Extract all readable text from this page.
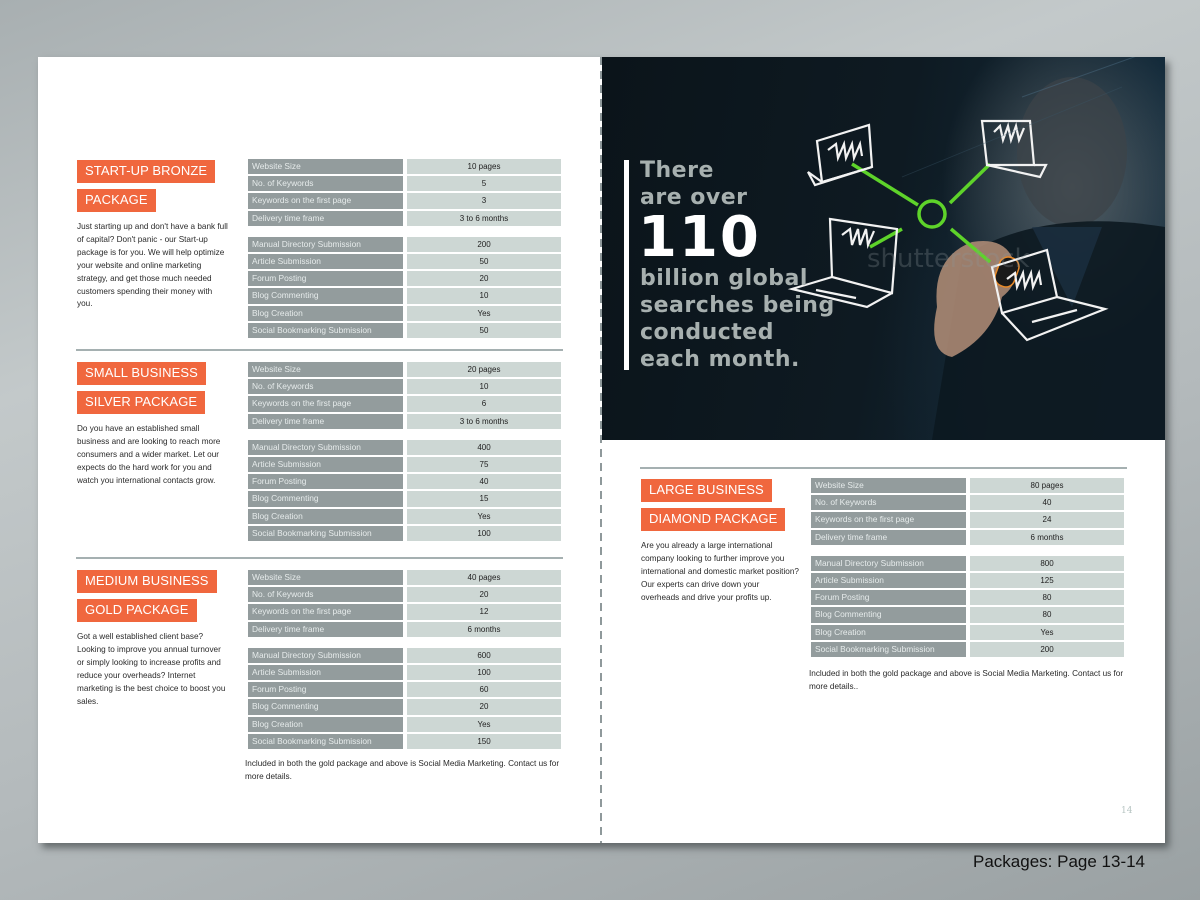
START-UP BRONZE
PACKAGE
Just starting up and don't have a bank full of capital? Don't panic - our Start-up package is for you. We will help optimize your website and online marketing strategy, and get those much needed customers spending their money with you.
Website Size	10 pages
No. of Keywords	5
Keywords on the first page	3
Delivery time frame	3 to 6 months
Manual Directory Submission	200
Article Submission	50
Forum Posting	20
Blog Commenting	10
Blog Creation	Yes
Social Bookmarking Submission	50
SMALL BUSINESS
SILVER PACKAGE
Do you have an established small business and are looking to reach more consumers and a wider market. Let our expects do the hard work for you and watch you international contacts grow.
Website Size	20 pages
No. of Keywords	10
Keywords on the first page	6
Delivery time frame	3 to 6 months
Manual Directory Submission	400
Article Submission	75
Forum Posting	40
Blog Commenting	15
Blog Creation	Yes
Social Bookmarking Submission	100
MEDIUM BUSINESS
GOLD PACKAGE
Got a well established client base? Looking to improve you annual turnover or simply looking to increase profits and reduce your overheads? Internet marketing is the best choice to boost you sales.
Website Size	40 pages
No. of Keywords	20
Keywords on the first page	12
Delivery time frame	6 months
Manual Directory Submission	600
Article Submission	100
Forum Posting	60
Blog Commenting	20
Blog Creation	Yes
Social Bookmarking Submission	150
Included in both the gold package and above is Social Media Marketing. Contact us for more details.
shutterstock
There
are over
110
billion global
searches being
conducted
each month.
LARGE BUSINESS
DIAMOND PACKAGE
Are you already a large international company looking to further improve you international and domestic market position? Our experts can drive down your overheads and drive your profits up.
Website Size	80 pages
No. of Keywords	40
Keywords on the first page	24
Delivery time frame	6 months
Manual Directory Submission	800
Article Submission	125
Forum Posting	80
Blog Commenting	80
Blog Creation	Yes
Social Bookmarking Submission	200
Included in both the gold package and above is Social Media Marketing. Contact us for more details..
14
Packages: Page 13-14
